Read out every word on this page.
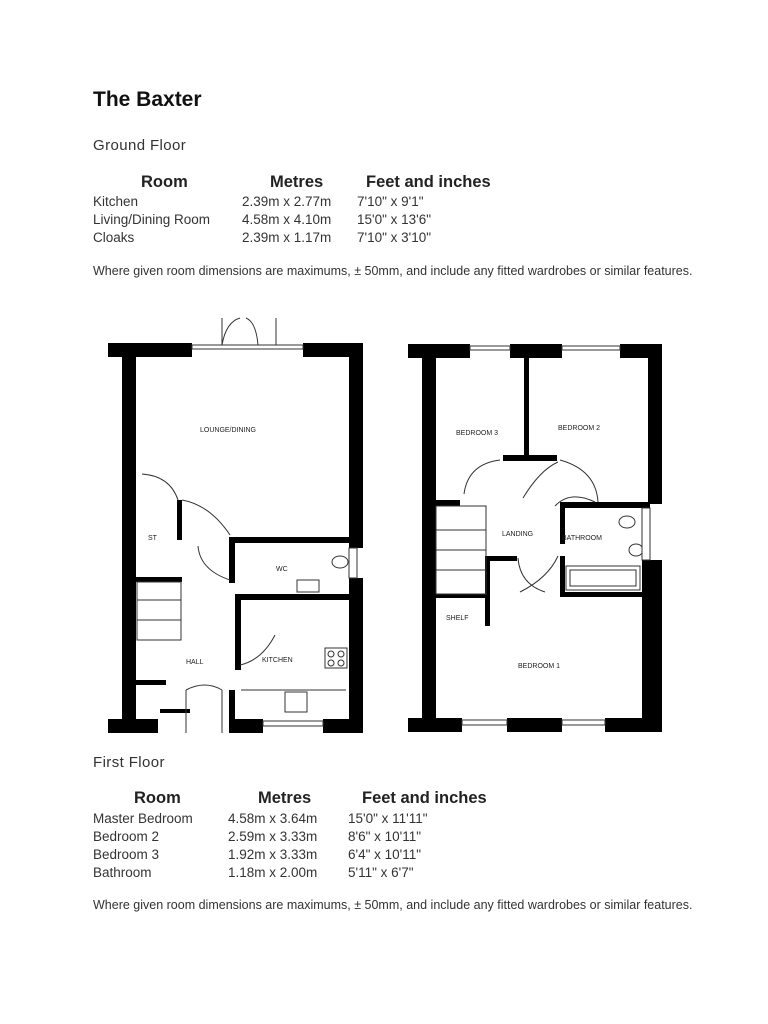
The Baxter
Ground Floor
Room	Metres	Feet and inches
Kitchen	2.39m x 2.77m 7'10" x 9'1"
Living/Dining Room 4.58m x 4.10m 15'0" x 13'6"
Cloaks	2.39m x 1.17m 7'10" x 3'10"
Where given room dimensions are maximums, ± 50mm, and include any fitted wardrobes or similar features.
LOUNGE/DINING
ST
WC
HALL	KITCHEN
BEDROOM 3
BEDROOM 2
LANDING
BATHROOM
SHELF
BEDROOM 1
First Floor
Room	Metres	Feet and inches
Master Bedroom	4.58m x 3.64m 15'0" x 11'11"
Bedroom 2	2.59m x 3.33m 8'6" x 10'11"
Bedroom 3	1.92m x 3.33m 6'4" x 10'11"
Bathroom	1.18m x 2.00m 5'11" x 6'7"
Where given room dimensions are maximums, ± 50mm, and include any fitted wardrobes or similar features.
